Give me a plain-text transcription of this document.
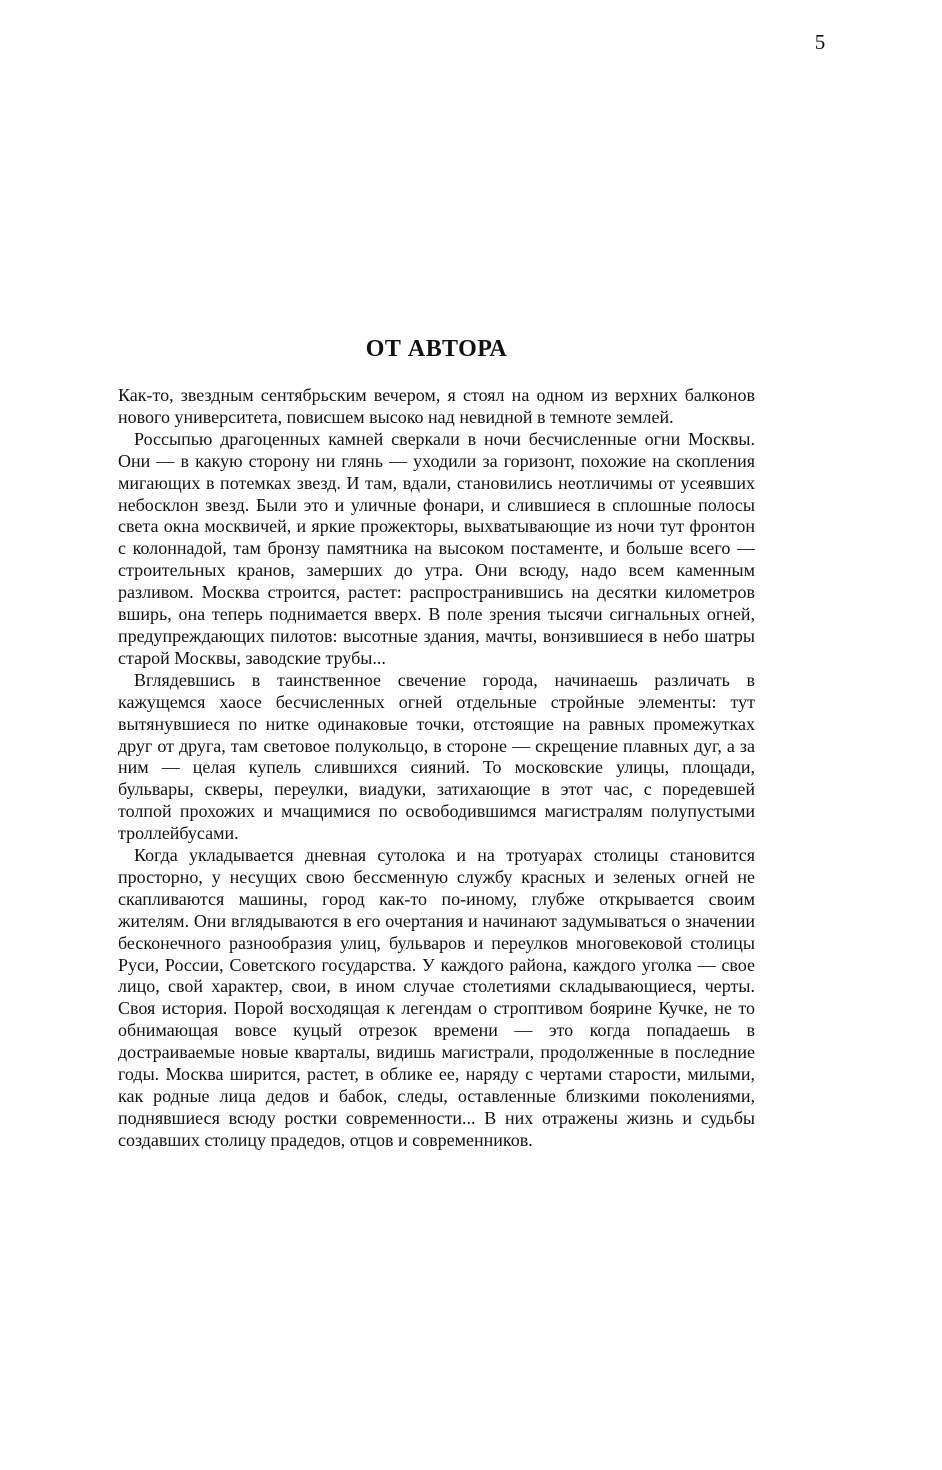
5
ОТ АВТОРА

Как-то, звездным сентябрьским вечером, я стоял на одном из верхних балконов нового университета, повисшем высоко над невидной в темноте землей.

Россыпью драгоценных камней сверкали в ночи бесчисленные огни Москвы. Они — в какую сторону ни глянь — уходили за горизонт, похожие на скопления мигающих в потемках звезд. И там, вдали, становились неотличимы от усеявших небосклон звезд. Были это и уличные фонари, и слившиеся в сплошные полосы света окна москвичей, и яркие прожекторы, выхватывающие из ночи тут фронтон с колоннадой, там бронзу памятника на высоком постаменте, и больше всего — строительных кранов, замерших до утра. Они всюду, надо всем каменным разливом. Москва строится, растет: распространившись на десятки километров вширь, она теперь поднимается вверх. В поле зрения тысячи сигнальных огней, предупреждающих пилотов: высотные здания, мачты, вонзившиеся в небо шатры старой Москвы, заводские трубы...

Вглядевшись в таинственное свечение города, начинаешь различать в кажущемся хаосе бесчисленных огней отдельные стройные элементы: тут вытянувшиеся по нитке одинаковые точки, отстоящие на равных промежутках друг от друга, там световое полукольцо, в стороне — скрещение плавных дуг, а за ним — целая купель слившихся сияний. То московские улицы, площади, бульвары, скверы, переулки, виадуки, затихающие в этот час, с поредевшей толпой прохожих и мчащимися по освободившимся магистралям полупустыми троллейбусами.

Когда укладывается дневная сутолока и на тротуарах столицы становится просторно, у несущих свою бессменную службу красных и зеленых огней не скапливаются машины, город как-то по-иному, глубже открывается своим жителям. Они вглядываются в его очертания и начинают задумываться о значении бесконечного разнообразия улиц, бульваров и переулков многовековой столицы Руси, России, Советского государства. У каждого района, каждого уголка — свое лицо, свой характер, свои, в ином случае столетиями складывающиеся, черты. Своя история. Порой восходящая к легендам о строптивом боярине Кучке, не то обнимающая вовсе куцый отрезок времени — это когда попадаешь в достраиваемые новые кварталы, видишь магистрали, продолженные в последние годы. Москва ширится, растет, в облике ее, наряду с чертами старости, милыми, как родные лица дедов и бабок, следы, оставленные близкими поколениями, поднявшиеся всюду ростки современности... В них отражены жизнь и судьбы создавших столицу прадедов, отцов и современников.
